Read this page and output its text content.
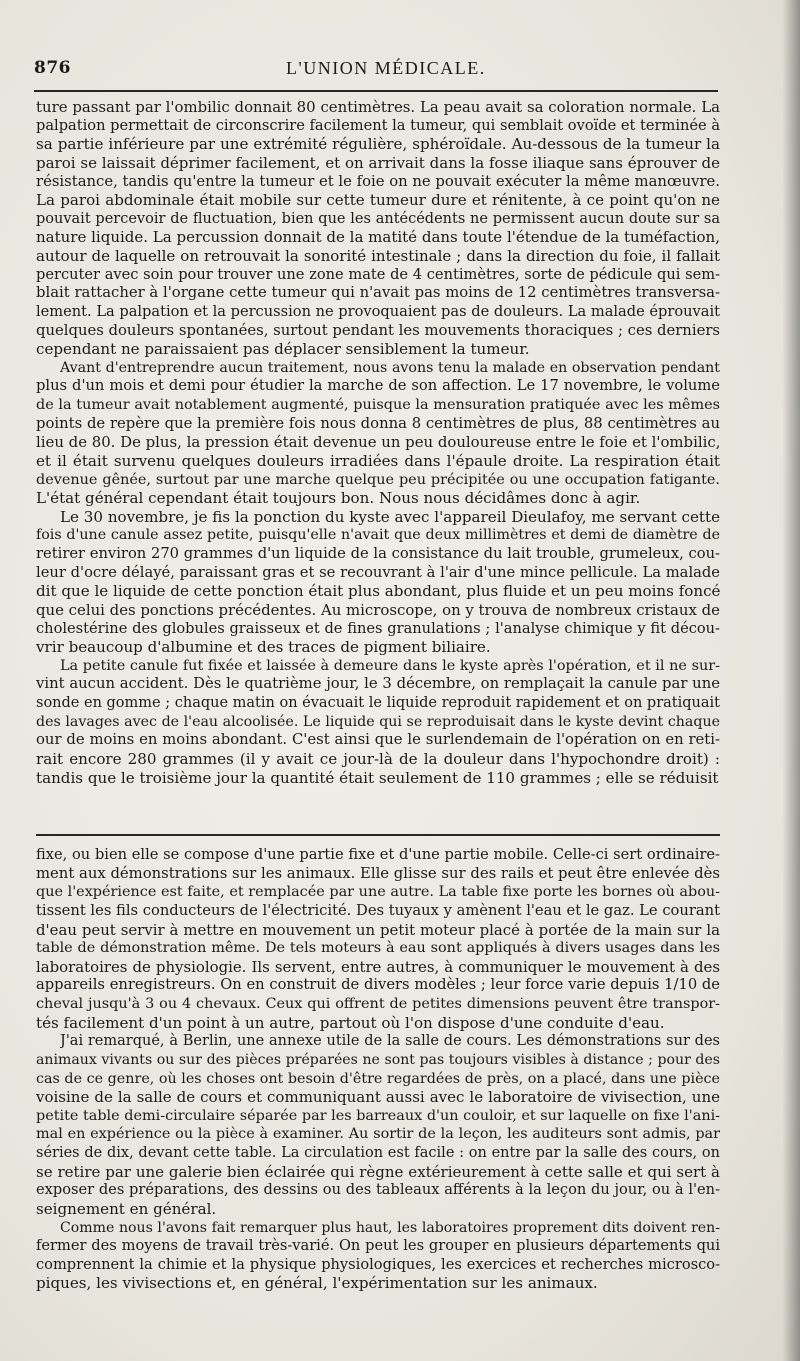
876	L'UNION MÉDICALE.

ture passant par l'ombilic donnait 80 centimètres. La peau avait sa coloration normale. La
palpation permettait de circonscrire facilement la tumeur, qui semblait ovoïde et terminée à
sa partie inférieure par une extrémité régulière, sphéroïdale. Au-dessous de la tumeur la
paroi se laissait déprimer facilement, et on arrivait dans la fosse iliaque sans éprouver de
résistance, tandis qu'entre la tumeur et le foie on ne pouvait exécuter la même manœuvre.
La paroi abdominale était mobile sur cette tumeur dure et rénitente, à ce point qu'on ne
pouvait percevoir de fluctuation, bien que les antécédents ne permissent aucun doute sur sa
nature liquide. La percussion donnait de la matité dans toute l'étendue de la tuméfaction,
autour de laquelle on retrouvait la sonorité intestinale ; dans la direction du foie, il fallait
percuter avec soin pour trouver une zone mate de 4 centimètres, sorte de pédicule qui sem-
blait rattacher à l'organe cette tumeur qui n'avait pas moins de 12 centimètres transversa-
lement. La palpation et la percussion ne provoquaient pas de douleurs. La malade éprouvait
quelques douleurs spontanées, surtout pendant les mouvements thoraciques ; ces derniers
cependant ne paraissaient pas déplacer sensiblement la tumeur.

Avant d'entreprendre aucun traitement, nous avons tenu la malade en observation pendant
plus d'un mois et demi pour étudier la marche de son affection. Le 17 novembre, le volume
de la tumeur avait notablement augmenté, puisque la mensuration pratiquée avec les mêmes
points de repère que la première fois nous donna 8 centimètres de plus, 88 centimètres au
lieu de 80. De plus, la pression était devenue un peu douloureuse entre le foie et l'ombilic,
et il était survenu quelques douleurs irradiées dans l'épaule droite. La respiration était
devenue gênée, surtout par une marche quelque peu précipitée ou une occupation fatigante.
L'état général cependant était toujours bon. Nous nous décidâmes donc à agir.

Le 30 novembre, je fis la ponction du kyste avec l'appareil Dieulafoy, me servant cette
fois d'une canule assez petite, puisqu'elle n'avait que deux millimètres et demi de diamètre de
retirer environ 270 grammes d'un liquide de la consistance du lait trouble, grumeleux, cou-
leur d'ocre délayé, paraissant gras et se recouvrant à l'air d'une mince pellicule. La malade
dit que le liquide de cette ponction était plus abondant, plus fluide et un peu moins foncé
que celui des ponctions précédentes. Au microscope, on y trouva de nombreux cristaux de
cholestérine des globules graisseux et de fines granulations ; l'analyse chimique y fit décou-
vrir beaucoup d'albumine et des traces de pigment biliaire.

La petite canule fut fixée et laissée à demeure dans le kyste après l'opération, et il ne sur-
vint aucun accident. Dès le quatrième jour, le 3 décembre, on remplaçait la canule par une
sonde en gomme ; chaque matin on évacuait le liquide reproduit rapidement et on pratiquait
des lavages avec de l'eau alcoolisée. Le liquide qui se reproduisait dans le kyste devint chaque
our de moins en moins abondant. C'est ainsi que le surlendemain de l'opération on en reti-
rait encore 280 grammes (il y avait ce jour-là de la douleur dans l'hypochondre droit) :
tandis que le troisième jour la quantité était seulement de 110 grammes ; elle se réduisit

fixe, ou bien elle se compose d'une partie fixe et d'une partie mobile. Celle-ci sert ordinaire-
ment aux démonstrations sur les animaux. Elle glisse sur des rails et peut être enlevée dès
que l'expérience est faite, et remplacée par une autre. La table fixe porte les bornes où abou-
tissent les fils conducteurs de l'électricité. Des tuyaux y amènent l'eau et le gaz. Le courant
d'eau peut servir à mettre en mouvement un petit moteur placé à portée de la main sur la
table de démonstration même. De tels moteurs à eau sont appliqués à divers usages dans les
laboratoires de physiologie. Ils servent, entre autres, à communiquer le mouvement à des
appareils enregistreurs. On en construit de divers modèles ; leur force varie depuis 1/10 de
cheval jusqu'à 3 ou 4 chevaux. Ceux qui offrent de petites dimensions peuvent être transpor-
tés facilement d'un point à un autre, partout où l'on dispose d'une conduite d'eau.

J'ai remarqué, à Berlin, une annexe utile de la salle de cours. Les démonstrations sur des
animaux vivants ou sur des pièces préparées ne sont pas toujours visibles à distance ; pour des
cas de ce genre, où les choses ont besoin d'être regardées de près, on a placé, dans une pièce
voisine de la salle de cours et communiquant aussi avec le laboratoire de vivisection, une
petite table demi-circulaire séparée par les barreaux d'un couloir, et sur laquelle on fixe l'ani-
mal en expérience ou la pièce à examiner. Au sortir de la leçon, les auditeurs sont admis, par
séries de dix, devant cette table. La circulation est facile : on entre par la salle des cours, on
se retire par une galerie bien éclairée qui règne extérieurement à cette salle et qui sert à
exposer des préparations, des dessins ou des tableaux afférents à la leçon du jour, ou à l'en-
seignement en général.

Comme nous l'avons fait remarquer plus haut, les laboratoires proprement dits doivent ren-
fermer des moyens de travail très-varié. On peut les grouper en plusieurs départements qui
comprennent la chimie et la physique physiologiques, les exercices et recherches microsco-
piques, les vivisections et, en général, l'expérimentation sur les animaux.
